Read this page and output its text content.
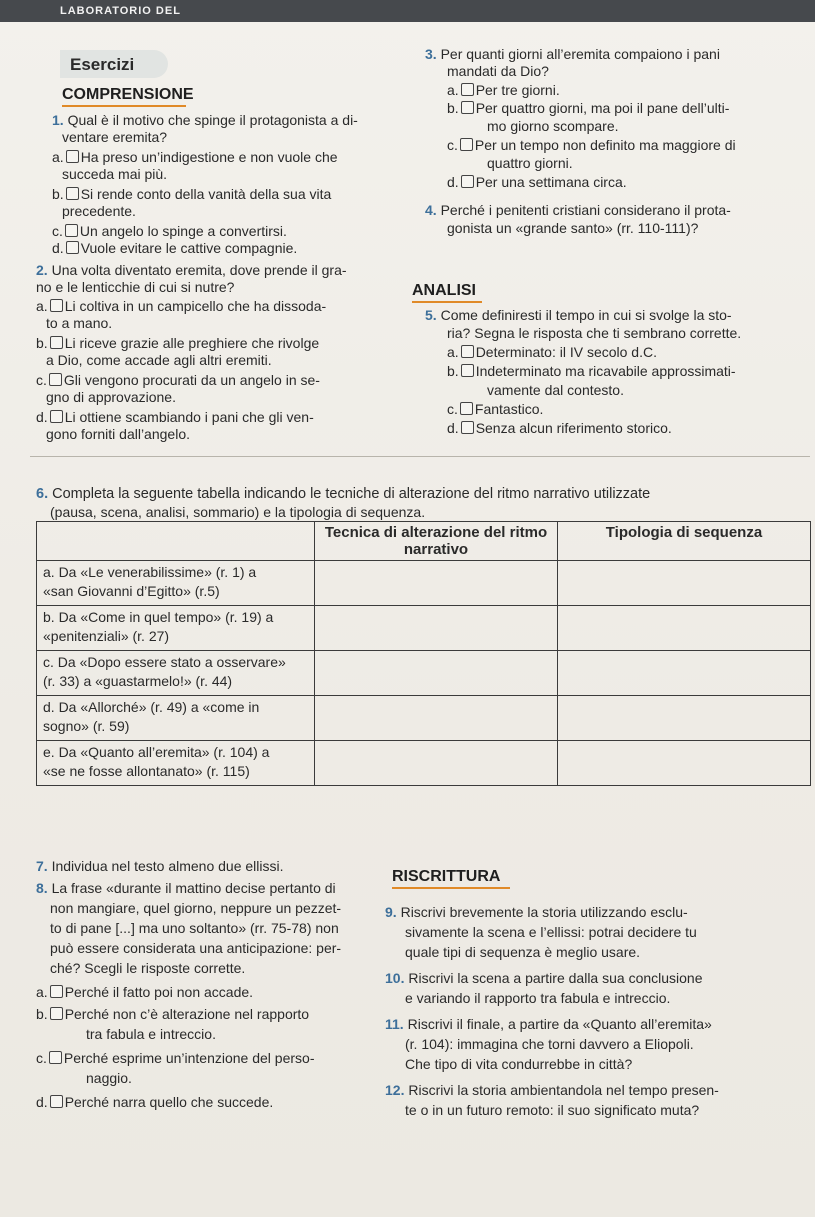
LABORATORIO DEL
Esercizi
COMPRENSIONE
1. Qual è il motivo che spinge il protagonista a di-
ventare eremita?
a. Ha preso un’indigestione e non vuole che
succeda mai più.
b. Si rende conto della vanità della sua vita
precedente.
c. Un angelo lo spinge a convertirsi.
d. Vuole evitare le cattive compagnie.
2. Una volta diventato eremita, dove prende il gra-
no e le lenticchie di cui si nutre?
a. Li coltiva in un campicello che ha dissoda-
to a mano.
b. Li riceve grazie alle preghiere che rivolge
a Dio, come accade agli altri eremiti.
c. Gli vengono procurati da un angelo in se-
gno di approvazione.
d. Li ottiene scambiando i pani che gli ven-
gono forniti dall’angelo.
3. Per quanti giorni all’eremita compaiono i pani
mandati da Dio?
a. Per tre giorni.
b. Per quattro giorni, ma poi il pane dell’ulti-
mo giorno scompare.
c. Per un tempo non definito ma maggiore di
quattro giorni.
d. Per una settimana circa.
4. Perché i penitenti cristiani considerano il prota-
gonista un «grande santo» (rr. 110-111)?
ANALISI
5. Come definiresti il tempo in cui si svolge la sto-
ria? Segna le risposta che ti sembrano corrette.
a. Determinato: il IV secolo d.C.
b. Indeterminato ma ricavabile approssimati-
vamente dal contesto.
c. Fantastico.
d. Senza alcun riferimento storico.
6. Completa la seguente tabella indicando le tecniche di alterazione del ritmo narrativo utilizzate
(pausa, scena, analisi, sommario) e la tipologia di sequenza.
	Tecnica di alterazione del ritmo narrativo	Tipologia di sequenza

a. Da «Le venerabilissime» (r. 1) a
«san Giovanni d’Egitto» (r.5)		

b. Da «Come in quel tempo» (r. 19) a
«penitenziali» (r. 27)		

c. Da «Dopo essere stato a osservare»
(r. 33) a «guastarmelo!» (r. 44)		

d. Da «Allorché» (r. 49) a «come in
sogno» (r. 59)		

e. Da «Quanto all’eremita» (r. 104) a
«se ne fosse allontanato» (r. 115)		

7. Individua nel testo almeno due ellissi.
8. La frase «durante il mattino decise pertanto di
non mangiare, quel giorno, neppure un pezzet-
to di pane [...] ma uno soltanto» (rr. 75-78) non
può essere considerata una anticipazione: per-
ché? Scegli le risposte corrette.
a. Perché il fatto poi non accade.
b. Perché non c’è alterazione nel rapporto
tra fabula e intreccio.
c. Perché esprime un’intenzione del perso-
naggio.
d. Perché narra quello che succede.
RISCRITTURA
9. Riscrivi brevemente la storia utilizzando esclu-
sivamente la scena e l’ellissi: potrai decidere tu
quale tipi di sequenza è meglio usare.
10. Riscrivi la scena a partire dalla sua conclusione
e variando il rapporto tra fabula e intreccio.
11. Riscrivi il finale, a partire da «Quanto all’eremita»
(r. 104): immagina che torni davvero a Eliopoli.
Che tipo di vita condurrebbe in città?
12. Riscrivi la storia ambientandola nel tempo presen-
te o in un futuro remoto: il suo significato muta?
